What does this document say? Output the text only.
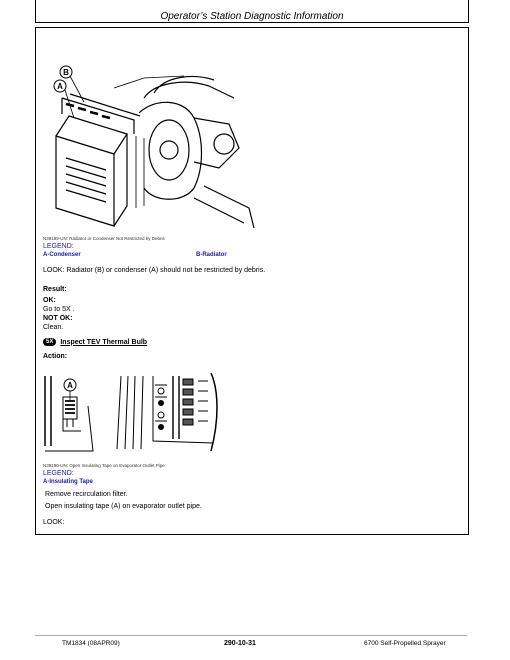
Operator’s Station Diagnostic Information
B
A
N39189-UN: Radiator or Condenser Not Restricted by Debris
LEGEND:
A-Condenser	B-Radiator
LOOK: Radiator (B) or condenser (A) should not be restricted by debris.
Result:
OK:
Go to 5X .
NOT OK:
Clean.
5X	Inspect TEV Thermal Bulb
Action:
A
N39190-UN: Open Insulating Tape on Evaporator Outlet Pipe
LEGEND:
A-Insulating Tape
Remove recirculation filter.
Open insulating tape (A) on evaporator outlet pipe.
LOOK:
TM1834 (08APR09)	290-10-31	6700 Self-Propelled Sprayer
